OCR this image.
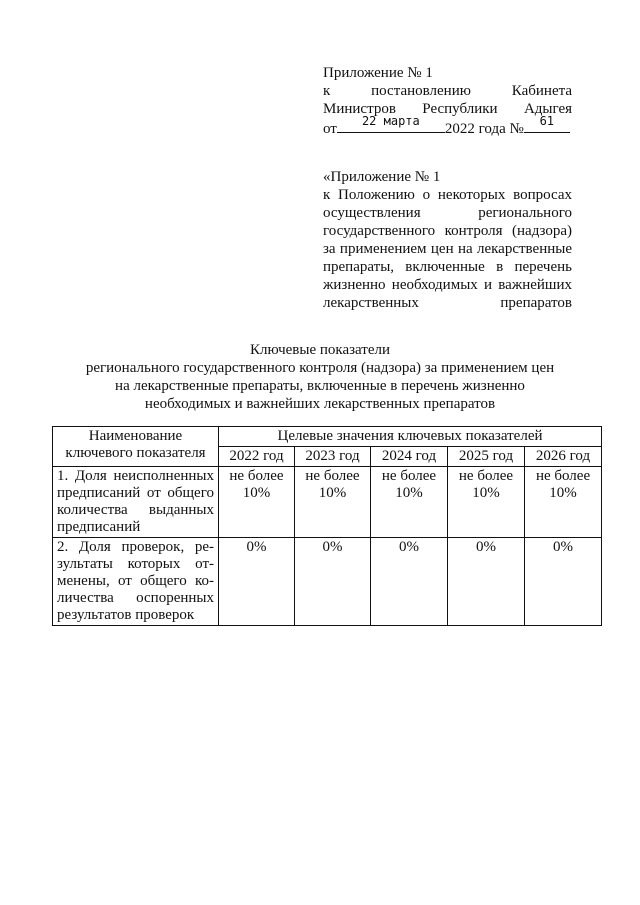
Приложение № 1
к постановлению Кабинета
Министров Республики Адыгея
от	22 марта	2022 года №	61
«Приложение № 1
к Положению о некоторых вопросах
осуществления регионального
государственного контроля (надзора)
за применением цен на лекарственные
препараты, включенные в перечень
жизненно необходимых и важнейших
лекарственных препаратов
Ключевые показатели
регионального государственного контроля (надзора) за применением цен
на лекарственные препараты, включенные в перечень жизненно
необходимых и важнейших лекарственных препаратов
Наименование ключевого показателя	Целевые значения ключевых показателей				
	2022 год	2023 год	2024 год	2025 год	2026 год
1. Доля неисполненных предписаний от общего количества выданных предписаний	не более 10%	не более 10%	не более 10%	не более 10%	не более 10%
2. Доля проверок, ре-зультаты которых от-менены, от общего ко-личества оспоренных результатов проверок	0%	0%	0%	0%	0%
